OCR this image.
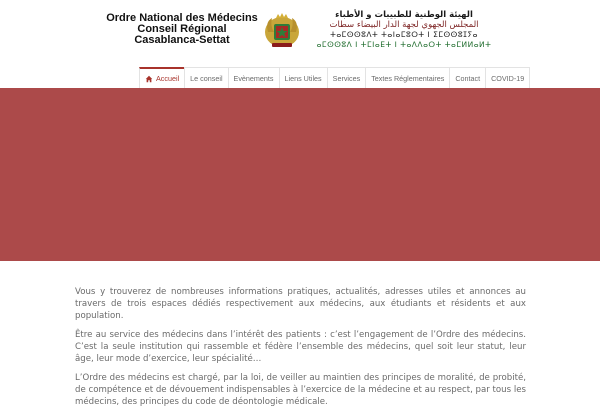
Ordre National des Médecins
Conseil Régional
Casablanca-Settat
الهيئة الوطنية للطبيبات و الأطباء
المجلس الجهوي لجهة الدار البيضاء سطات
ⵜⴰⵎⵙⵙⵓⴷⵜ ⵜⴰⵏⴰⵎⵓⵔⵜ ⵏ ⵉⵎⵙⵙⵓⵊⵢⴰ
ⴰⵎⵙⵙⵓⴷ ⵏ ⵜⵎⵏⴰⴹⵜ ⵏ ⵜⴰⴷⴷⴰⵔⵜ ⵜⴰⵎⵍⵍⴰⵍⵜ
Accueil Le conseil Evènements Liens Utiles Services Textes Réglementaires Contact COVID-19

Vous y trouverez de nombreuses informations pratiques, actualités, adresses utiles et annonces au travers de trois espaces dédiés respectivement aux médecins, aux étudiants et résidents et aux population.

Être au service des médecins dans l’intérêt des patients : c’est l’engagement de l’Ordre des médecins. C’est la seule institution qui rassemble et fédère l’ensemble des médecins, quel soit leur statut, leur âge, leur mode d’exercice, leur spécialité…

L’Ordre des médecins est chargé, par la loi, de veiller au maintien des principes de moralité, de probité, de compétence et de dévouement indispensables à l’exercice de la médecine et au respect, par tous les médecins, des principes du code de déontologie médicale.
